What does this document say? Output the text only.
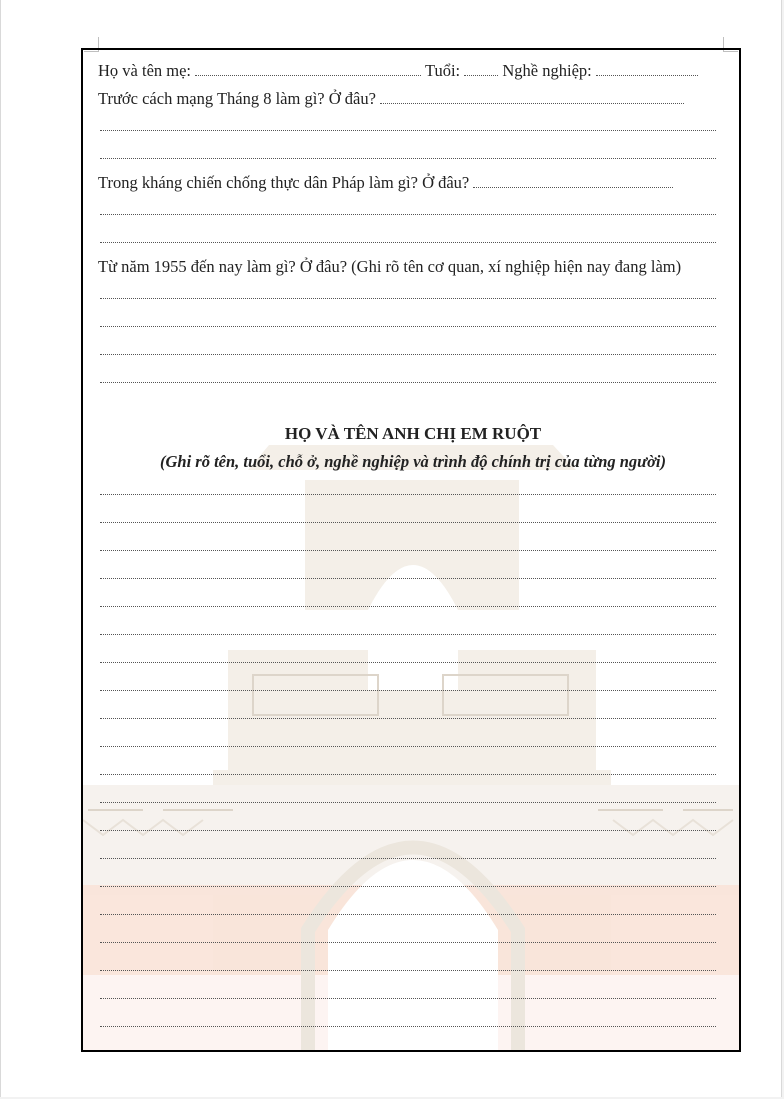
Họ và tên mẹ:	Tuổi:	Nghề nghiệp:
Trước cách mạng Tháng 8 làm gì? Ở đâu?
Trong kháng chiến chống thực dân Pháp làm gì? Ở đâu?
Từ năm 1955 đến nay làm gì? Ở đâu? (Ghi rõ tên cơ quan, xí nghiệp hiện nay đang làm)
HỌ VÀ TÊN ANH CHỊ EM RUỘT
(Ghi rõ tên, tuổi, chỗ ở, nghề nghiệp và trình độ chính trị của từng người)
